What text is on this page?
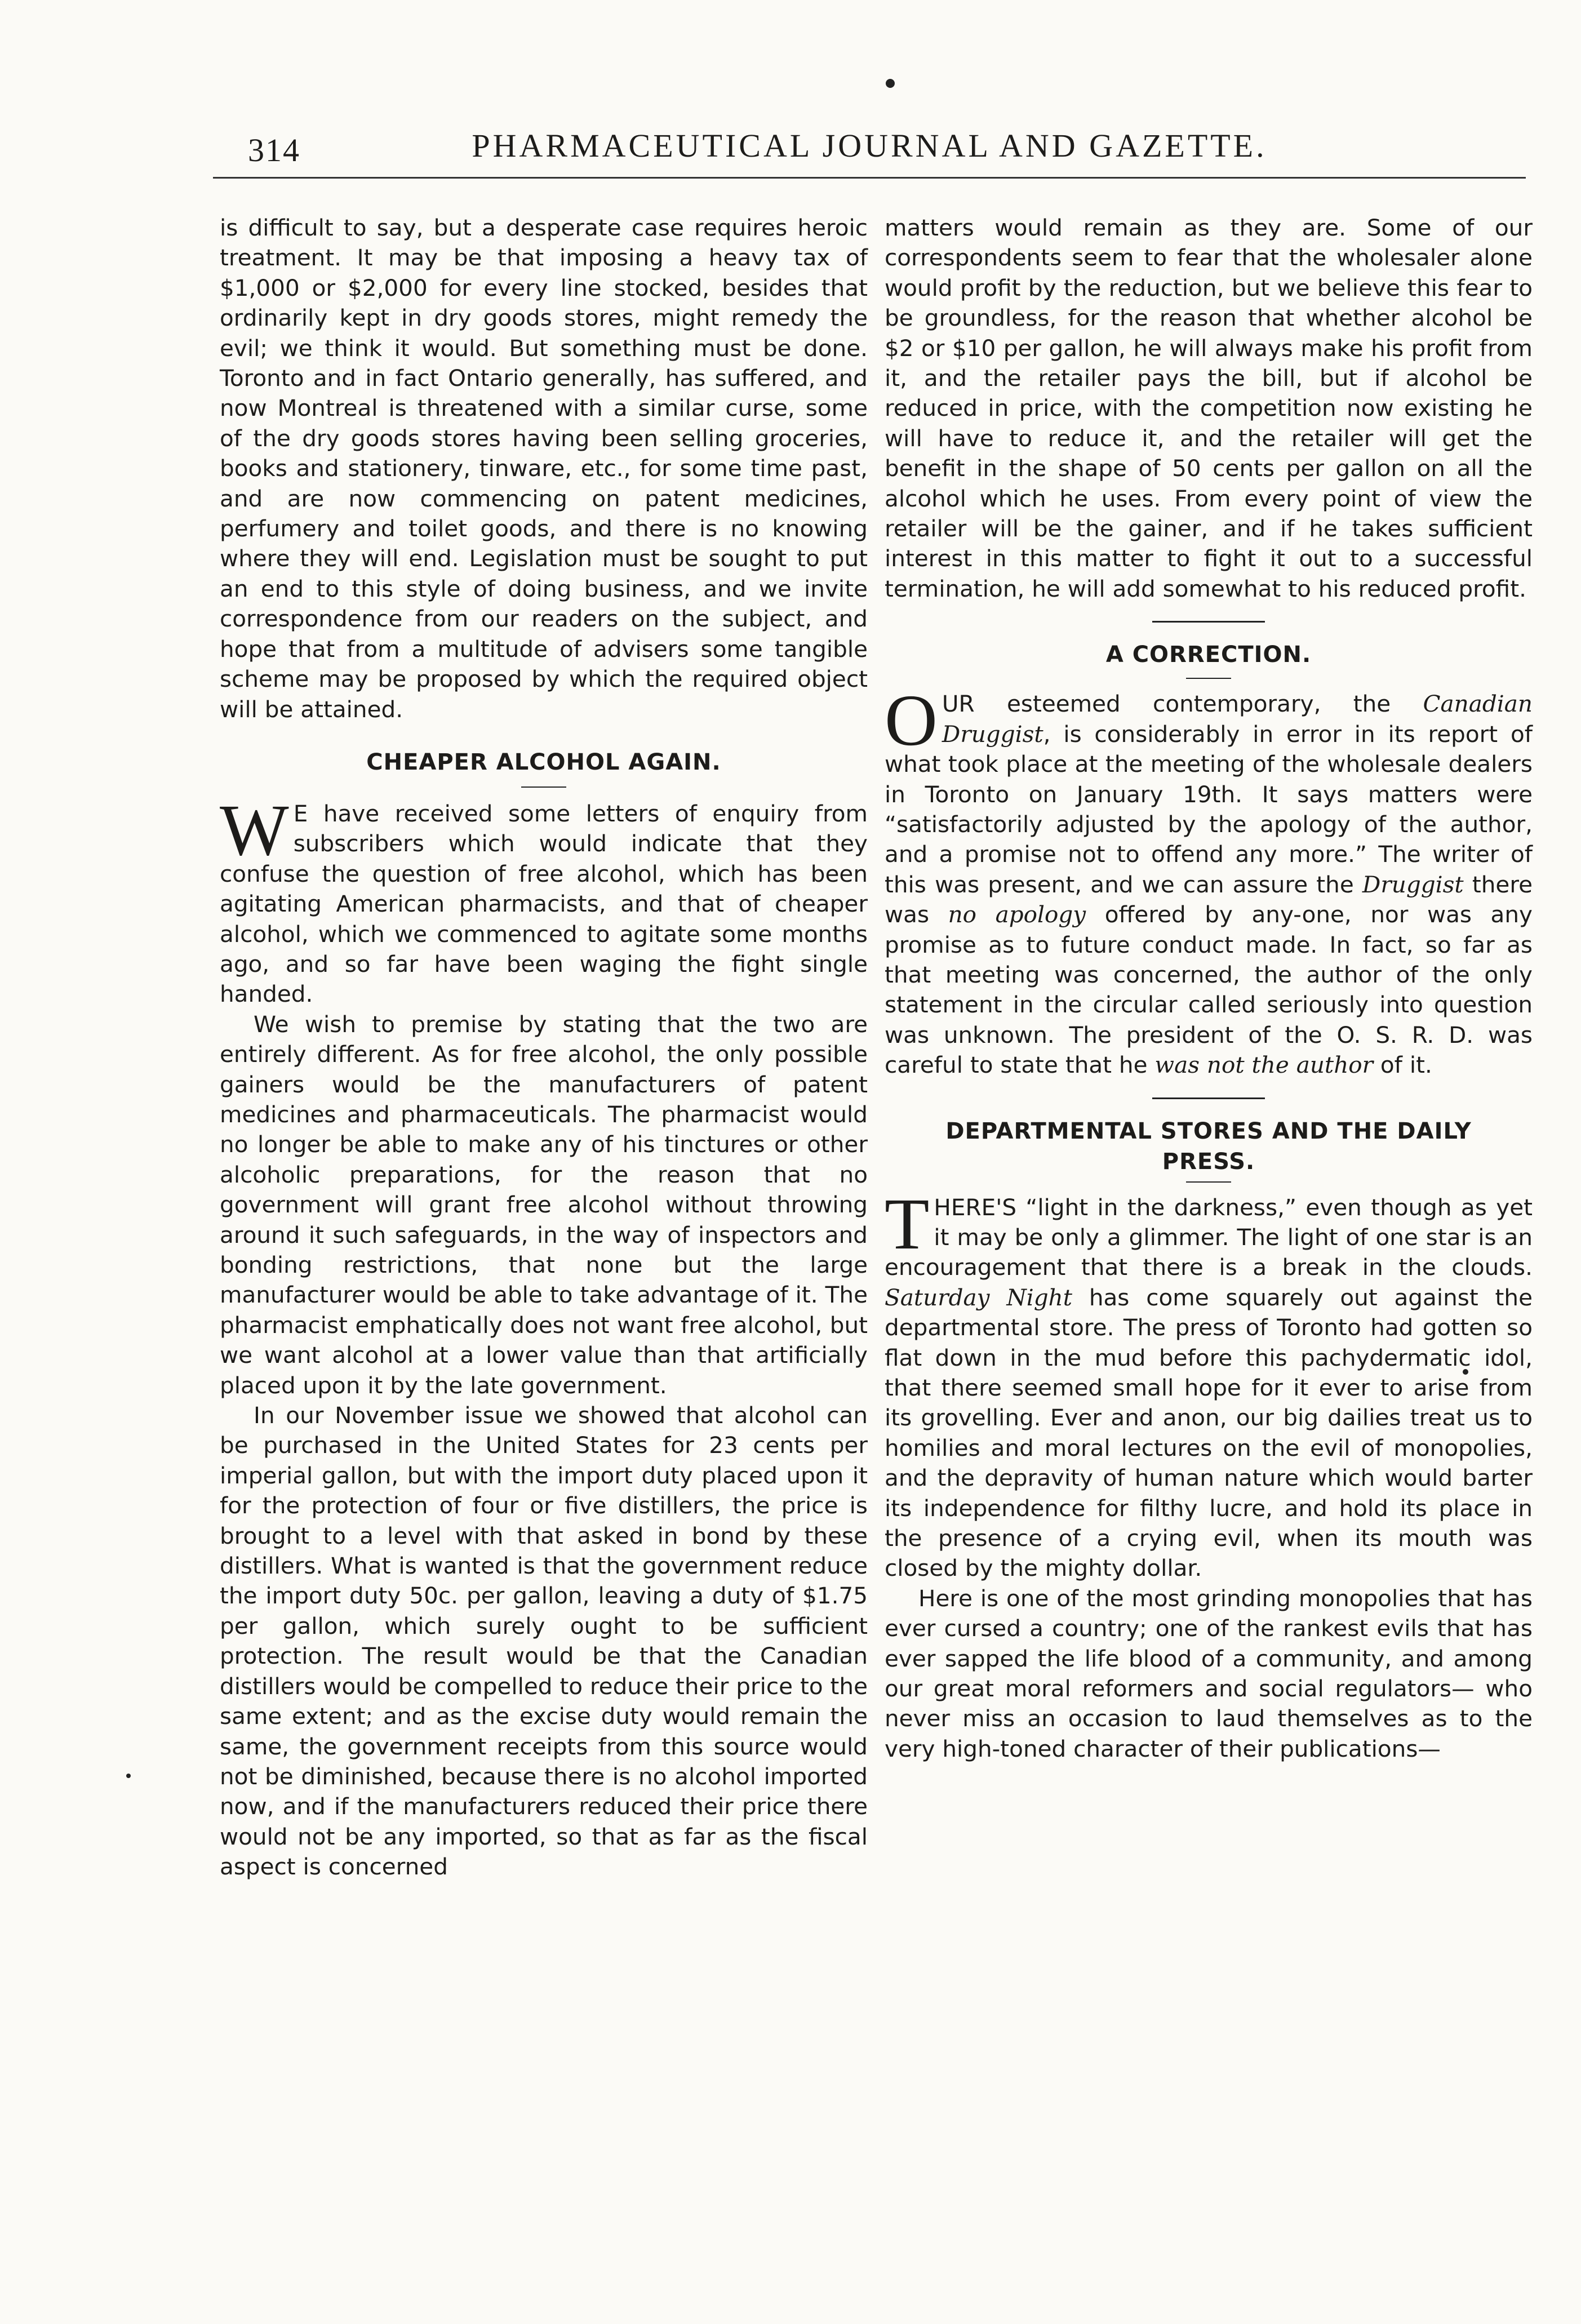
314	PHARMACEUTICAL JOURNAL AND GAZETTE.

is difficult to say, but a desperate case requires heroic treatment. It may be that imposing a heavy tax of $1,000 or $2,000 for every line stocked, besides that ordinarily kept in dry goods stores, might remedy the evil; we think it would. But something must be done. Toronto and in fact Ontario generally, has suffered, and now Montreal is threatened with a similar curse, some of the dry goods stores having been selling groceries, books and stationery, tinware, etc., for some time past, and are now commencing on patent medicines, perfumery and toilet goods, and there is no knowing where they will end. Legislation must be sought to put an end to this style of doing business, and we invite correspondence from our readers on the subject, and hope that from a multitude of advisers some tangible scheme may be proposed by which the required object will be attained.

CHEAPER ALCOHOL AGAIN.

W E have received some letters of enquiry from subscribers which would indicate that they confuse the question of free alcohol, which has been agitating American pharmacists, and that of cheaper alcohol, which we commenced to agitate some months ago, and so far have been waging the fight single handed.

We wish to premise by stating that the two are entirely different. As for free alcohol, the only possible gainers would be the manufacturers of patent medicines and pharmaceuticals. The pharmacist would no longer be able to make any of his tinctures or other alcoholic preparations, for the reason that no government will grant free alcohol without throwing around it such safeguards, in the way of inspectors and bonding restrictions, that none but the large manufacturer would be able to take advantage of it. The pharmacist emphatically does not want free alcohol, but we want alcohol at a lower value than that artificially placed upon it by the late government.

In our November issue we showed that alcohol can be purchased in the United States for 23 cents per imperial gallon, but with the import duty placed upon it for the protection of four or five distillers, the price is brought to a level with that asked in bond by these distillers. What is wanted is that the government reduce the import duty 50c. per gallon, leaving a duty of $1.75 per gallon, which surely ought to be sufficient protection. The result would be that the Canadian distillers would be compelled to reduce their price to the same extent; and as the excise duty would remain the same, the government receipts from this source would not be diminished, because there is no alcohol imported now, and if the manufacturers reduced their price there would not be any imported, so that as far as the fiscal aspect is concerned

matters would remain as they are. Some of our correspondents seem to fear that the wholesaler alone would profit by the reduction, but we believe this fear to be groundless, for the reason that whether alcohol be $2 or $10 per gallon, he will always make his profit from it, and the retailer pays the bill, but if alcohol be reduced in price, with the competition now existing he will have to reduce it, and the retailer will get the benefit in the shape of 50 cents per gallon on all the alcohol which he uses. From every point of view the retailer will be the gainer, and if he takes sufficient interest in this matter to fight it out to a successful termination, he will add somewhat to his reduced profit.

A CORRECTION.

OUR esteemed contemporary, the Canadian Druggist, is considerably in error in its report of what took place at the meeting of the wholesale dealers in Toronto on January 19th. It says matters were “satisfactorily adjusted by the apology of the author, and a promise not to offend any more.” The writer of this was present, and we can assure the Druggist there was no apology offered by any-one, nor was any promise as to future conduct made. In fact, so far as that meeting was concerned, the author of the only statement in the circular called seriously into question was unknown. The president of the O. S. R. D. was careful to state that he was not the author of it.

DEPARTMENTAL STORES AND THE DAILY

PRESS.

THERE'S “light in the darkness,” even though as yet it may be only a glimmer. The light of one star is an encouragement that there is a break in the clouds. Saturday Night has come squarely out against the departmental store. The press of Toronto had gotten so flat down in the mud before this pachydermatic idol, that there seemed small hope for it ever to arise from its grovelling. Ever and anon, our big dailies treat us to homilies and moral lectures on the evil of monopolies, and the depravity of human nature which would barter its independence for filthy lucre, and hold its place in the presence of a crying evil, when its mouth was closed by the mighty dollar.

Here is one of the most grinding monopolies that has ever cursed a country; one of the rankest evils that has ever sapped the life blood of a community, and among our great moral reformers and social regulators— who never miss an occasion to laud themselves as to the very high-toned character of their publications—
